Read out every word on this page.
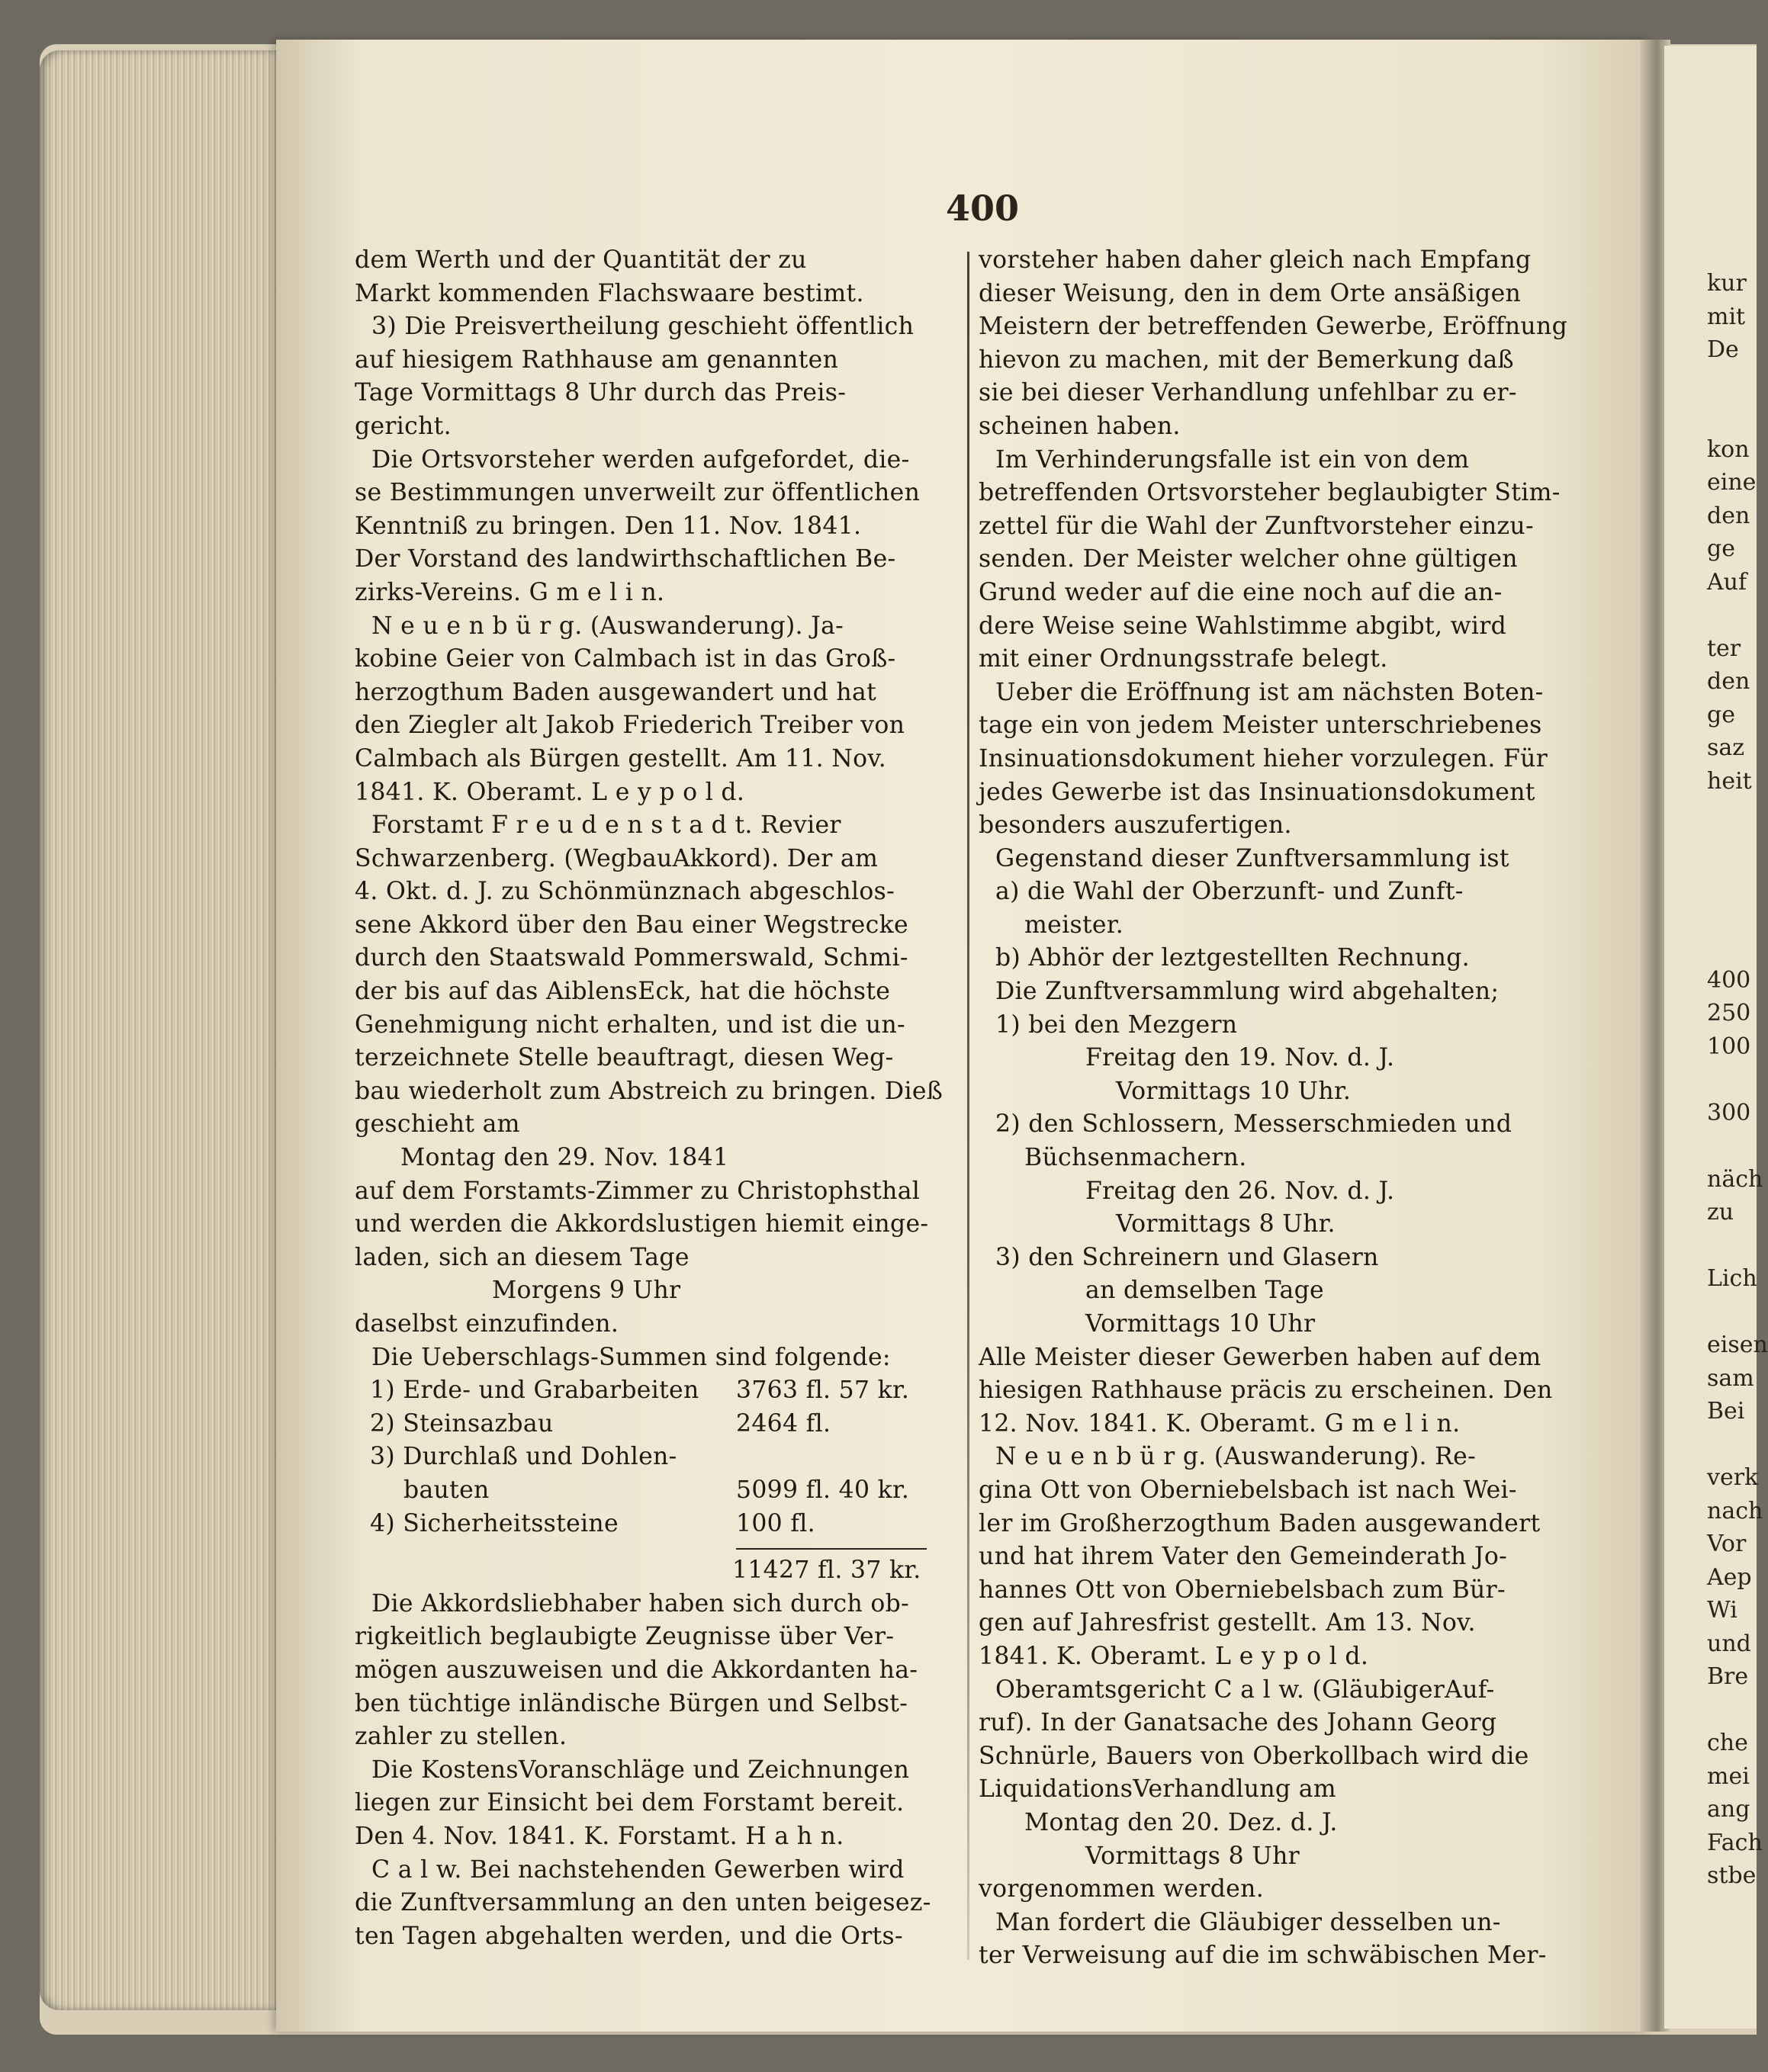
400
dem Werth und der Quantität der zu
Markt kommenden Flachswaare bestimt.
3) Die Preisvertheilung geschieht öffentlich
auf hiesigem Rathhause am genannten
Tage Vormittags 8 Uhr durch das Preis-
gericht.
Die Ortsvorsteher werden aufgefordet, die-
se Bestimmungen unverweilt zur öffentlichen
Kenntniß zu bringen. Den 11. Nov. 1841.
Der Vorstand des landwirthschaftlichen Be-
zirks-Vereins. G m e l i n.
N e u e n b ü r g. (Auswanderung). Ja-
kobine Geier von Calmbach ist in das Groß-
herzogthum Baden ausgewandert und hat
den Ziegler alt Jakob Friederich Treiber von
Calmbach als Bürgen gestellt. Am 11. Nov.
1841. K. Oberamt. L e y p o l d.
Forstamt F r e u d e n s t a d t. Revier
Schwarzenberg. (WegbauAkkord). Der am
4. Okt. d. J. zu Schönmünznach abgeschlos-
sene Akkord über den Bau einer Wegstrecke
durch den Staatswald Pommerswald, Schmi-
der bis auf das AiblensEck, hat die höchste
Genehmigung nicht erhalten, und ist die un-
terzeichnete Stelle beauftragt, diesen Weg-
bau wiederholt zum Abstreich zu bringen. Dieß
geschieht am
Montag den 29. Nov. 1841
auf dem Forstamts-Zimmer zu Christophsthal
und werden die Akkordslustigen hiemit einge-
laden, sich an diesem Tage
Morgens 9 Uhr
daselbst einzufinden.
Die Ueberschlags-Summen sind folgende:
1) Erde- und Grabarbeiten	3763 fl. 57 kr.
2) Steinsazbau	2464 fl.
3) Durchlaß und Dohlen-
bauten	5099 fl. 40 kr.
4) Sicherheitssteine	100 fl.
11427 fl. 37 kr.
Die Akkordsliebhaber haben sich durch ob-
rigkeitlich beglaubigte Zeugnisse über Ver-
mögen auszuweisen und die Akkordanten ha-
ben tüchtige inländische Bürgen und Selbst-
zahler zu stellen.
Die KostensVoranschläge und Zeichnungen
liegen zur Einsicht bei dem Forstamt bereit.
Den 4. Nov. 1841. K. Forstamt. H a h n.
C a l w. Bei nachstehenden Gewerben wird
die Zunftversammlung an den unten beigesez-
ten Tagen abgehalten werden, und die Orts-
vorsteher haben daher gleich nach Empfang
dieser Weisung, den in dem Orte ansäßigen
Meistern der betreffenden Gewerbe, Eröffnung
hievon zu machen, mit der Bemerkung daß
sie bei dieser Verhandlung unfehlbar zu er-
scheinen haben.
Im Verhinderungsfalle ist ein von dem
betreffenden Ortsvorsteher beglaubigter Stim-
zettel für die Wahl der Zunftvorsteher einzu-
senden. Der Meister welcher ohne gültigen
Grund weder auf die eine noch auf die an-
dere Weise seine Wahlstimme abgibt, wird
mit einer Ordnungsstrafe belegt.
Ueber die Eröffnung ist am nächsten Boten-
tage ein von jedem Meister unterschriebenes
Insinuationsdokument hieher vorzulegen. Für
jedes Gewerbe ist das Insinuationsdokument
besonders auszufertigen.
Gegenstand dieser Zunftversammlung ist
a) die Wahl der Oberzunft- und Zunft-
meister.
b) Abhör der leztgestellten Rechnung.
Die Zunftversammlung wird abgehalten;
1) bei den Mezgern
Freitag den 19. Nov. d. J.
Vormittags 10 Uhr.
2) den Schlossern, Messerschmieden und
Büchsenmachern.
Freitag den 26. Nov. d. J.
Vormittags 8 Uhr.
3) den Schreinern und Glasern
an demselben Tage
Vormittags 10 Uhr
Alle Meister dieser Gewerben haben auf dem
hiesigen Rathhause präcis zu erscheinen. Den
12. Nov. 1841. K. Oberamt. G m e l i n.
N e u e n b ü r g. (Auswanderung). Re-
gina Ott von Oberniebelsbach ist nach Wei-
ler im Großherzogthum Baden ausgewandert
und hat ihrem Vater den Gemeinderath Jo-
hannes Ott von Oberniebelsbach zum Bür-
gen auf Jahresfrist gestellt. Am 13. Nov.
1841. K. Oberamt. L e y p o l d.
Oberamtsgericht C a l w. (GläubigerAuf-
ruf). In der Ganatsache des Johann Georg
Schnürle, Bauers von Oberkollbach wird die
LiquidationsVerhandlung am
Montag den 20. Dez. d. J.
Vormittags 8 Uhr
vorgenommen werden.
Man fordert die Gläubiger desselben un-
ter Verweisung auf die im schwäbischen Mer-
kur
mit
De
kon
eine
den
ge
Auf
ter
den
ge
saz
heit
400
250
100
300
näch
zu
Lich
eisen
sam
Bei
verk
nach
Vor
Aep
Wi
und
Bre
che
mei
ang
Fach
stbe
